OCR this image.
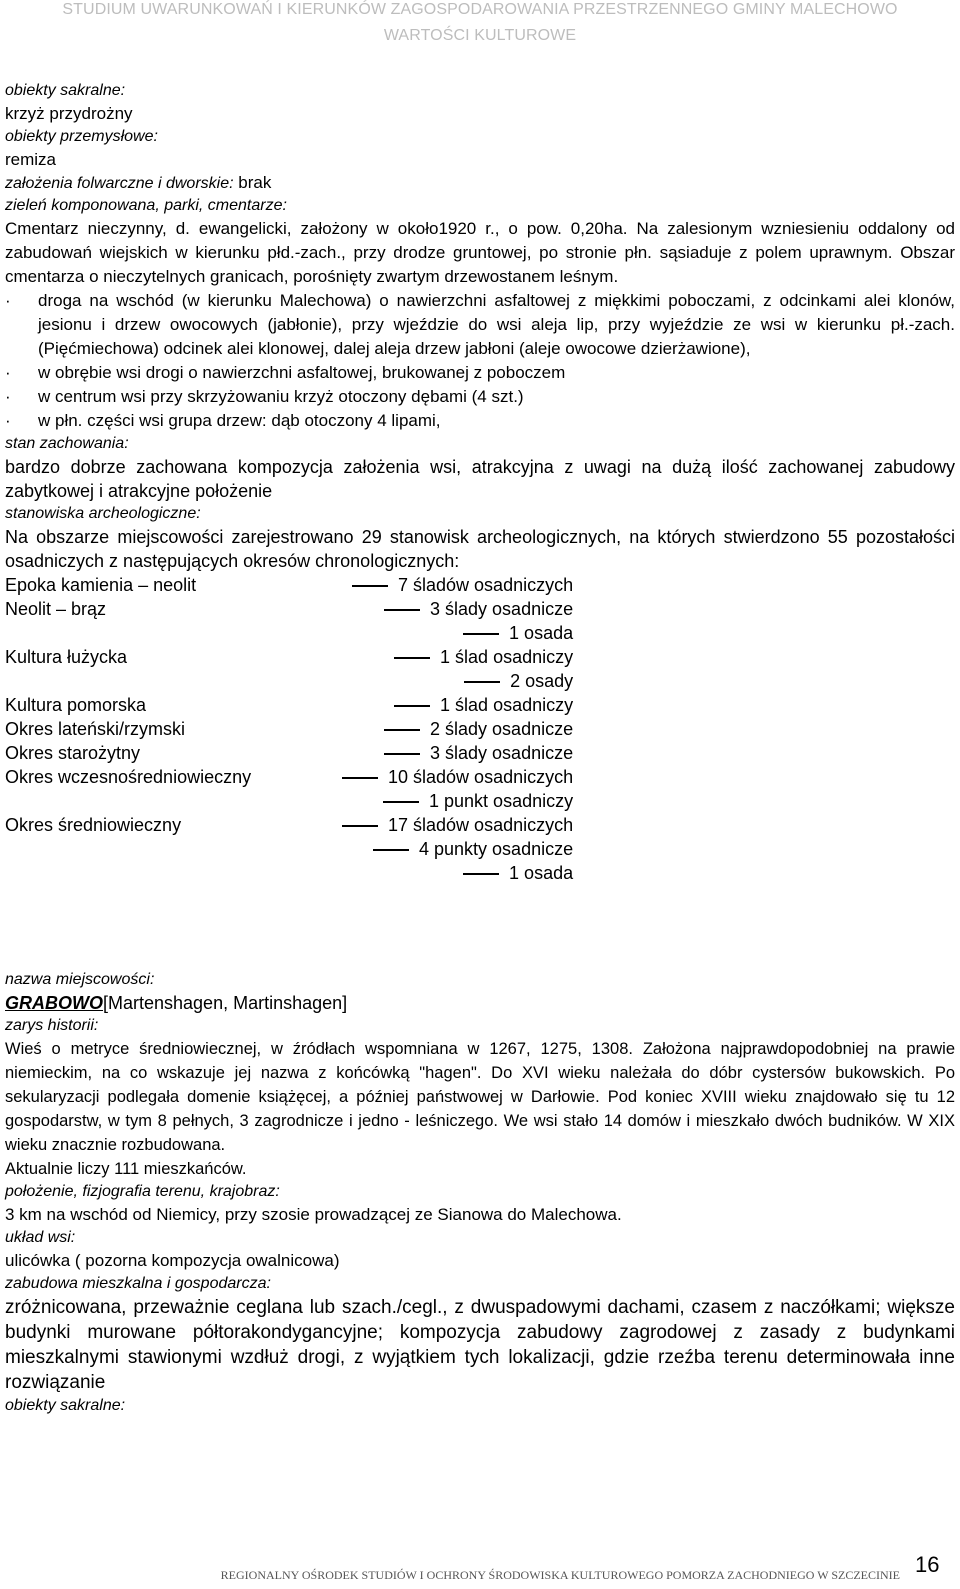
STUDIUM UWARUNKOWAŃ I KIERUNKÓW ZAGOSPODAROWANIA PRZESTRZENNEGO GMINY MALECHOWO
WARTOŚCI KULTUROWE
obiekty sakralne:
krzyż przydrożny
obiekty przemysłowe:
remiza
założenia folwarczne i dworskie: brak
zieleń komponowana, parki, cmentarze:
Cmentarz nieczynny, d. ewangelicki, założony w około1920 r., o pow. 0,20ha. Na zalesionym wzniesieniu oddalony od zabudowań wiejskich w kierunku płd.-zach., przy drodze gruntowej, po stronie płn. sąsiaduje z polem uprawnym. Obszar cmentarza o nieczytelnych granicach, porośnięty zwartym drzewostanem leśnym.
· droga na wschód (w kierunku Malechowa) o nawierzchni asfaltowej z miękkimi poboczami, z odcinkami alei klonów, jesionu i drzew owocowych (jabłonie), przy wjeździe do wsi aleja lip, przy wyjeździe ze wsi w kierunku pł.-zach. (Pięćmiechowa) odcinek alei klonowej, dalej aleja drzew jabłoni (aleje owocowe dzierżawione),
· w obrębie wsi drogi o nawierzchni asfaltowej, brukowanej z poboczem
· w centrum wsi przy skrzyżowaniu krzyż otoczony dębami (4 szt.)
· w płn. części wsi grupa drzew: dąb otoczony 4 lipami,
stan zachowania:
bardzo dobrze zachowana kompozycja założenia wsi, atrakcyjna z uwagi na dużą ilość zachowanej zabudowy zabytkowej i atrakcyjne położenie
stanowiska archeologiczne:
Na obszarze miejscowości zarejestrowano 29 stanowisk archeologicznych, na których stwierdzono 55 pozostałości osadniczych z następujących okresów chronologicznych:
Epoka kamienia – neolit	7 śladów osadniczych
Neolit – brąz	3 ślady osadnicze
1 osada
Kultura łużycka	1 ślad osadniczy
2 osady
Kultura pomorska	1 ślad osadniczy
Okres lateński/rzymski	2 ślady osadnicze
Okres starożytny	3 ślady osadnicze
Okres wczesnośredniowieczny	10 śladów osadniczych
1 punkt osadniczy
Okres średniowieczny	17 śladów osadniczych
4 punkty osadnicze
1 osada
nazwa miejscowości:
GRABOWO[Martenshagen, Martinshagen]
zarys historii:
Wieś o metryce średniowiecznej, w źródłach wspomniana w 1267, 1275, 1308. Założona najprawdopodobniej na prawie niemieckim, na co wskazuje jej nazwa z końcówką "hagen". Do XVI wieku należała do dóbr cystersów bukowskich. Po sekularyzacji podlegała domenie książęcej, a później państwowej w Darłowie. Pod koniec XVIII wieku znajdowało się tu 12 gospodarstw, w tym 8 pełnych, 3 zagrodnicze i jedno - leśniczego. We wsi stało 14 domów i mieszkało dwóch budników. W XIX wieku znacznie rozbudowana.
Aktualnie liczy 111 mieszkańców.
położenie, fizjografia terenu, krajobraz:
3 km na wschód od Niemicy, przy szosie prowadzącej ze Sianowa do Malechowa.
układ wsi:
ulicówka ( pozorna kompozycja owalnicowa)
zabudowa mieszkalna i gospodarcza:
zróżnicowana, przeważnie ceglana lub szach./cegl., z dwuspadowymi dachami, czasem z naczółkami; większe budynki murowane półtorakondygancyjne; kompozycja zabudowy zagrodowej z zasady z budynkami mieszkalnymi stawionymi wzdłuż drogi, z wyjątkiem tych lokalizacji, gdzie rzeźba terenu determinowała inne rozwiązanie
obiekty sakralne:
REGIONALNY OŚRODEK STUDIÓW I OCHRONY ŚRODOWISKA KULTUROWEGO POMORZA ZACHODNIEGO W SZCZECINIE 16
